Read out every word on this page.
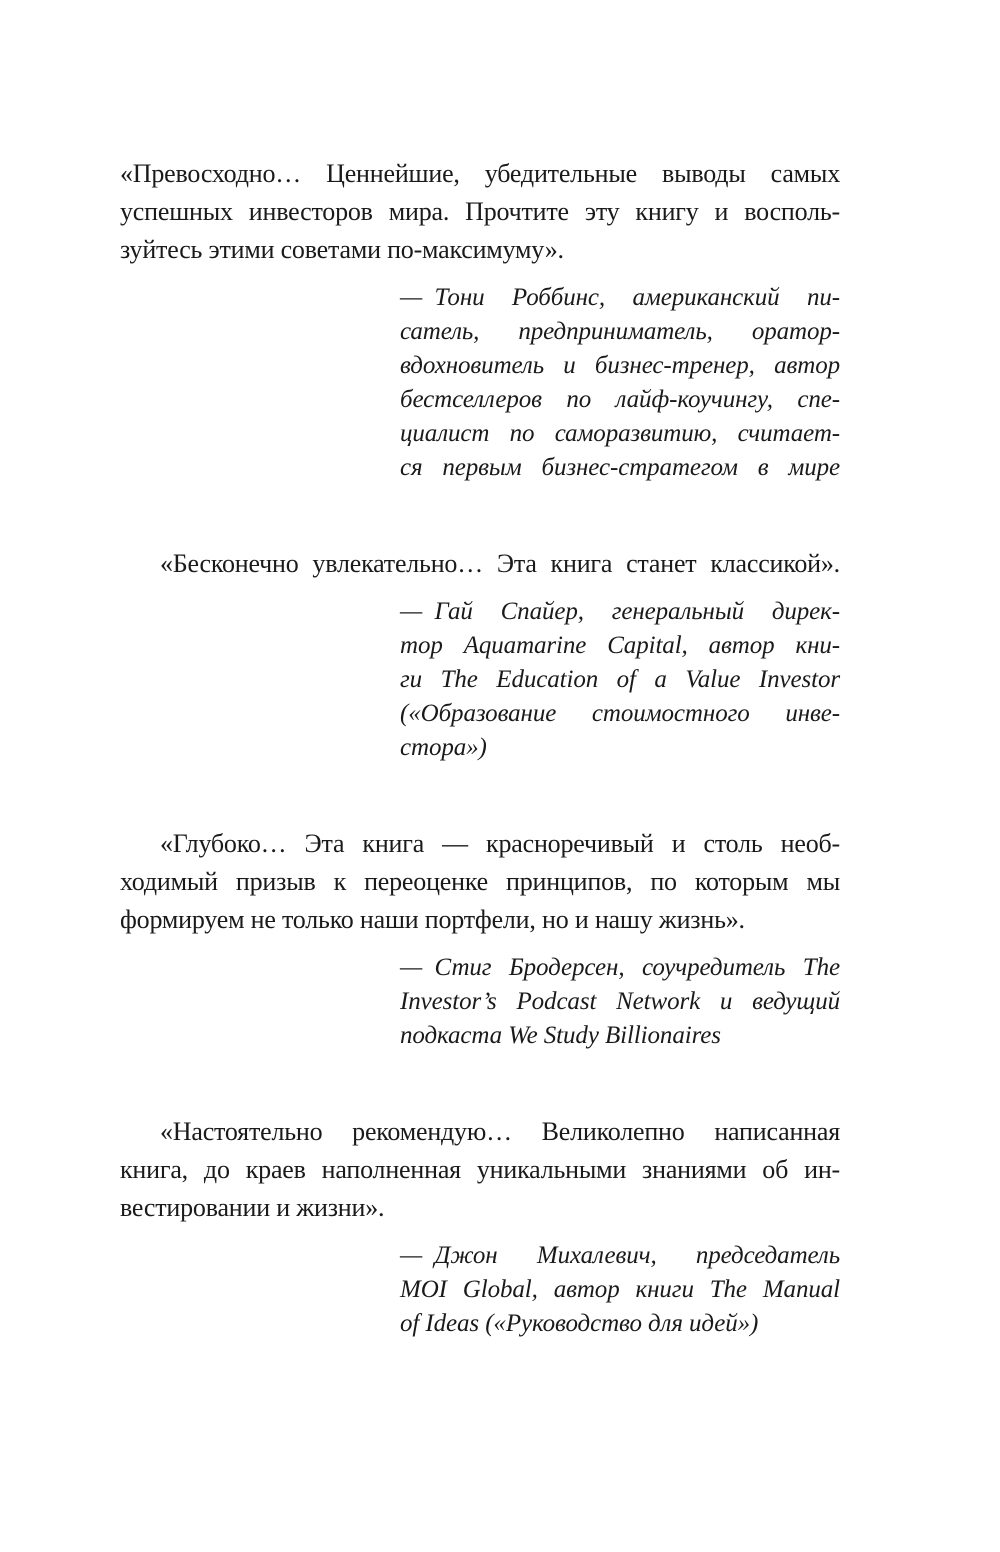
«Превосходно… Ценнейшие, убедительные выводы самых
успешных инвесторов мира. Прочтите эту книгу и восполь-
зуйтесь этими советами по-максимуму».
— Тони Роббинс, американский пи-
сатель, предприниматель, оратор-
вдохновитель и бизнес-тренер, автор
бестселлеров по лайф-коучингу, спе-
циалист по саморазвитию, считает-
ся первым бизнес-стратегом в мире
«Бесконечно увлекательно… Эта книга станет классикой».
— Гай Спайер, генеральный дирек-
тор Aquamarine Capital, автор кни-
ги The Education of a Value Investor
(«Образование стоимостного инве-
стора»)
«Глубоко… Эта книга — красноречивый и столь необ-
ходимый призыв к переоценке принципов, по которым мы
формируем не только наши портфели, но и нашу жизнь».
— Стиг Бродерсен, соучредитель The
Investor’s Podcast Network и ведущий
подкаста We Study Billionaires
«Настоятельно рекомендую… Великолепно написанная
книга, до краев наполненная уникальными знаниями об ин-
вестировании и жизни».
— Джон Михалевич, председатель
MOI Global, автор книги The Manual
of Ideas («Руководство для идей»)
